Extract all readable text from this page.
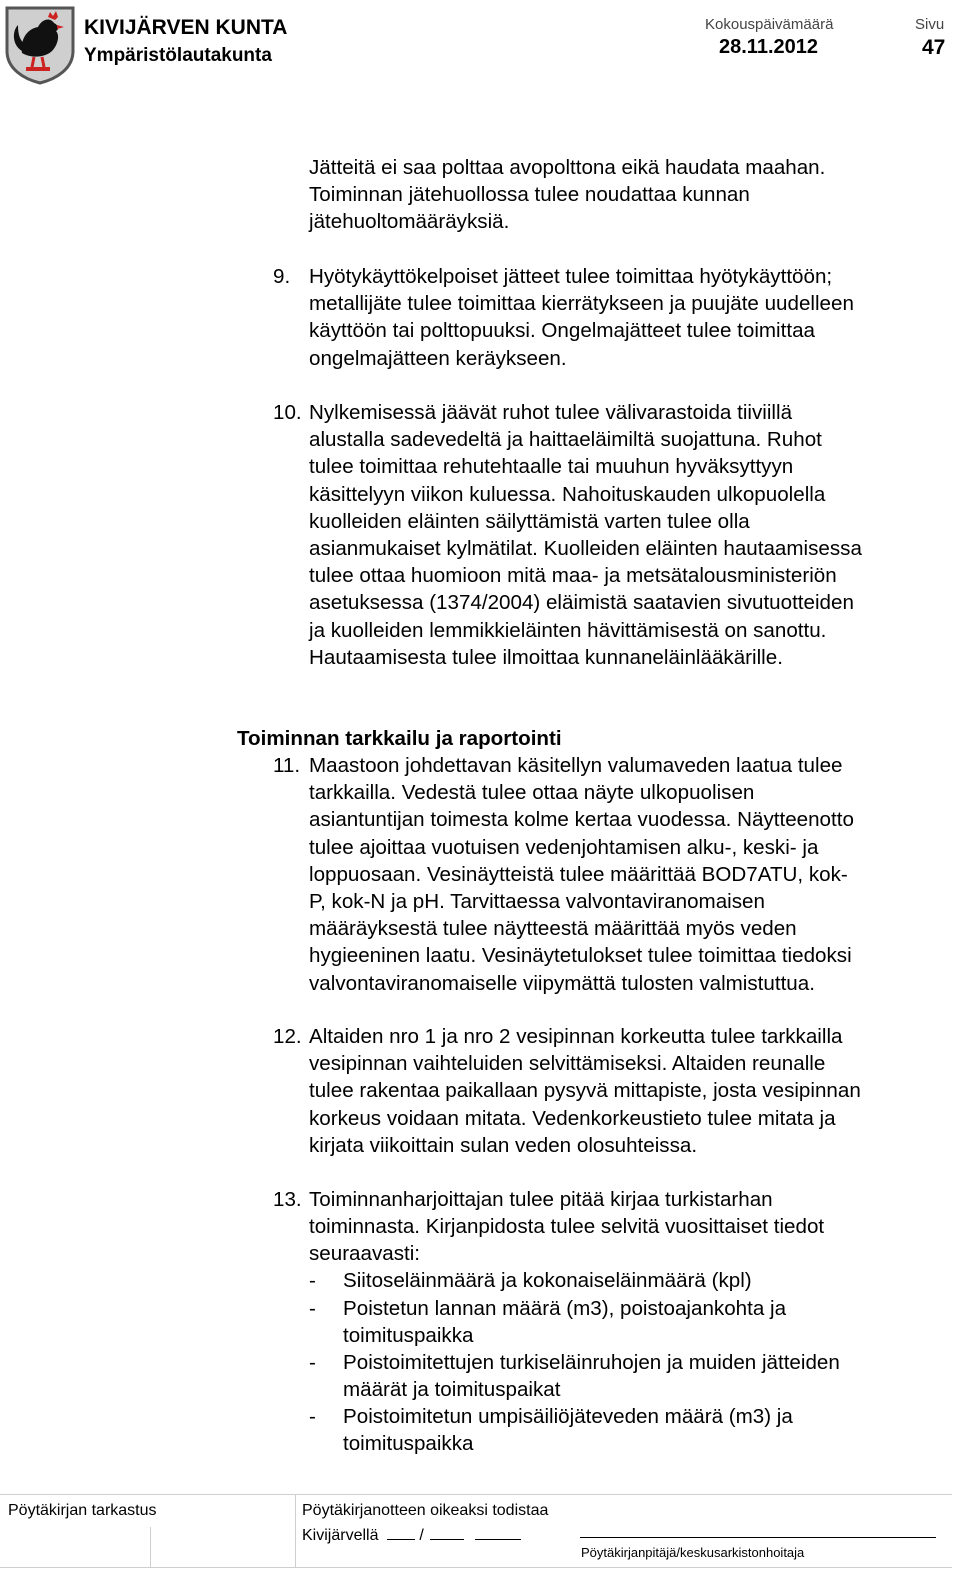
KIVIJÄRVEN KUNTA
Ympäristölautakunta
Kokouspäivämäärä
28.11.2012
Sivu
47
Jätteitä ei saa polttaa avopolttona eikä haudata maahan.
Toiminnan jätehuollossa tulee noudattaa kunnan
jätehuoltomääräyksiä.
9. Hyötykäyttökelpoiset jätteet tulee toimittaa hyötykäyttöön;
metallijäte tulee toimittaa kierrätykseen ja puujäte uudelleen
käyttöön tai polttopuuksi. Ongelmajätteet tulee toimittaa
ongelmajätteen keräykseen.
10. Nylkemisessä jäävät ruhot tulee välivarastoida tiiviillä
alustalla sadevedeltä ja haittaeläimiltä suojattuna. Ruhot
tulee toimittaa rehutehtaalle tai muuhun hyväksyttyyn
käsittelyyn viikon kuluessa. Nahoituskauden ulkopuolella
kuolleiden eläinten säilyttämistä varten tulee olla
asianmukaiset kylmätilat. Kuolleiden eläinten hautaamisessa
tulee ottaa huomioon mitä maa- ja metsätalousministeriön
asetuksessa (1374/2004) eläimistä saatavien sivutuotteiden
ja kuolleiden lemmikkieläinten hävittämisestä on sanottu.
Hautaamisesta tulee ilmoittaa kunnaneläinlääkärille.
Toiminnan tarkkailu ja raportointi
11. Maastoon johdettavan käsitellyn valumaveden laatua tulee
tarkkailla. Vedestä tulee ottaa näyte ulkopuolisen
asiantuntijan toimesta kolme kertaa vuodessa. Näytteenotto
tulee ajoittaa vuotuisen vedenjohtamisen alku-, keski- ja
loppuosaan. Vesinäytteistä tulee määrittää BOD7ATU, kok-
P, kok-N ja pH. Tarvittaessa valvontaviranomaisen
määräyksestä tulee näytteestä määrittää myös veden
hygieeninen laatu. Vesinäytetulokset tulee toimittaa tiedoksi
valvontaviranomaiselle viipymättä tulosten valmistuttua.
12. Altaiden nro 1 ja nro 2 vesipinnan korkeutta tulee tarkkailla
vesipinnan vaihteluiden selvittämiseksi. Altaiden reunalle
tulee rakentaa paikallaan pysyvä mittapiste, josta vesipinnan
korkeus voidaan mitata. Vedenkorkeustieto tulee mitata ja
kirjata viikoittain sulan veden olosuhteissa.
13. Toiminnanharjoittajan tulee pitää kirjaa turkistarhan
toiminnasta. Kirjanpidosta tulee selvitä vuosittaiset tiedot
seuraavasti:
- Siitoseläinmäärä ja kokonaiseläinmäärä (kpl)
- Poistetun lannan määrä (m3), poistoajankohta ja
toimituspaikka
- Poistoimitettujen turkiseläinruhojen ja muiden jätteiden
määrät ja toimituspaikat
- Poistoimitetun umpisäiliöjäteveden määrä (m3) ja
toimituspaikka
Pöytäkirjan tarkastus	Pöytäkirjanotteen oikeaksi todistaa
Kivijärvellä	/
Pöytäkirjanpitäjä/keskusarkistonhoitaja
